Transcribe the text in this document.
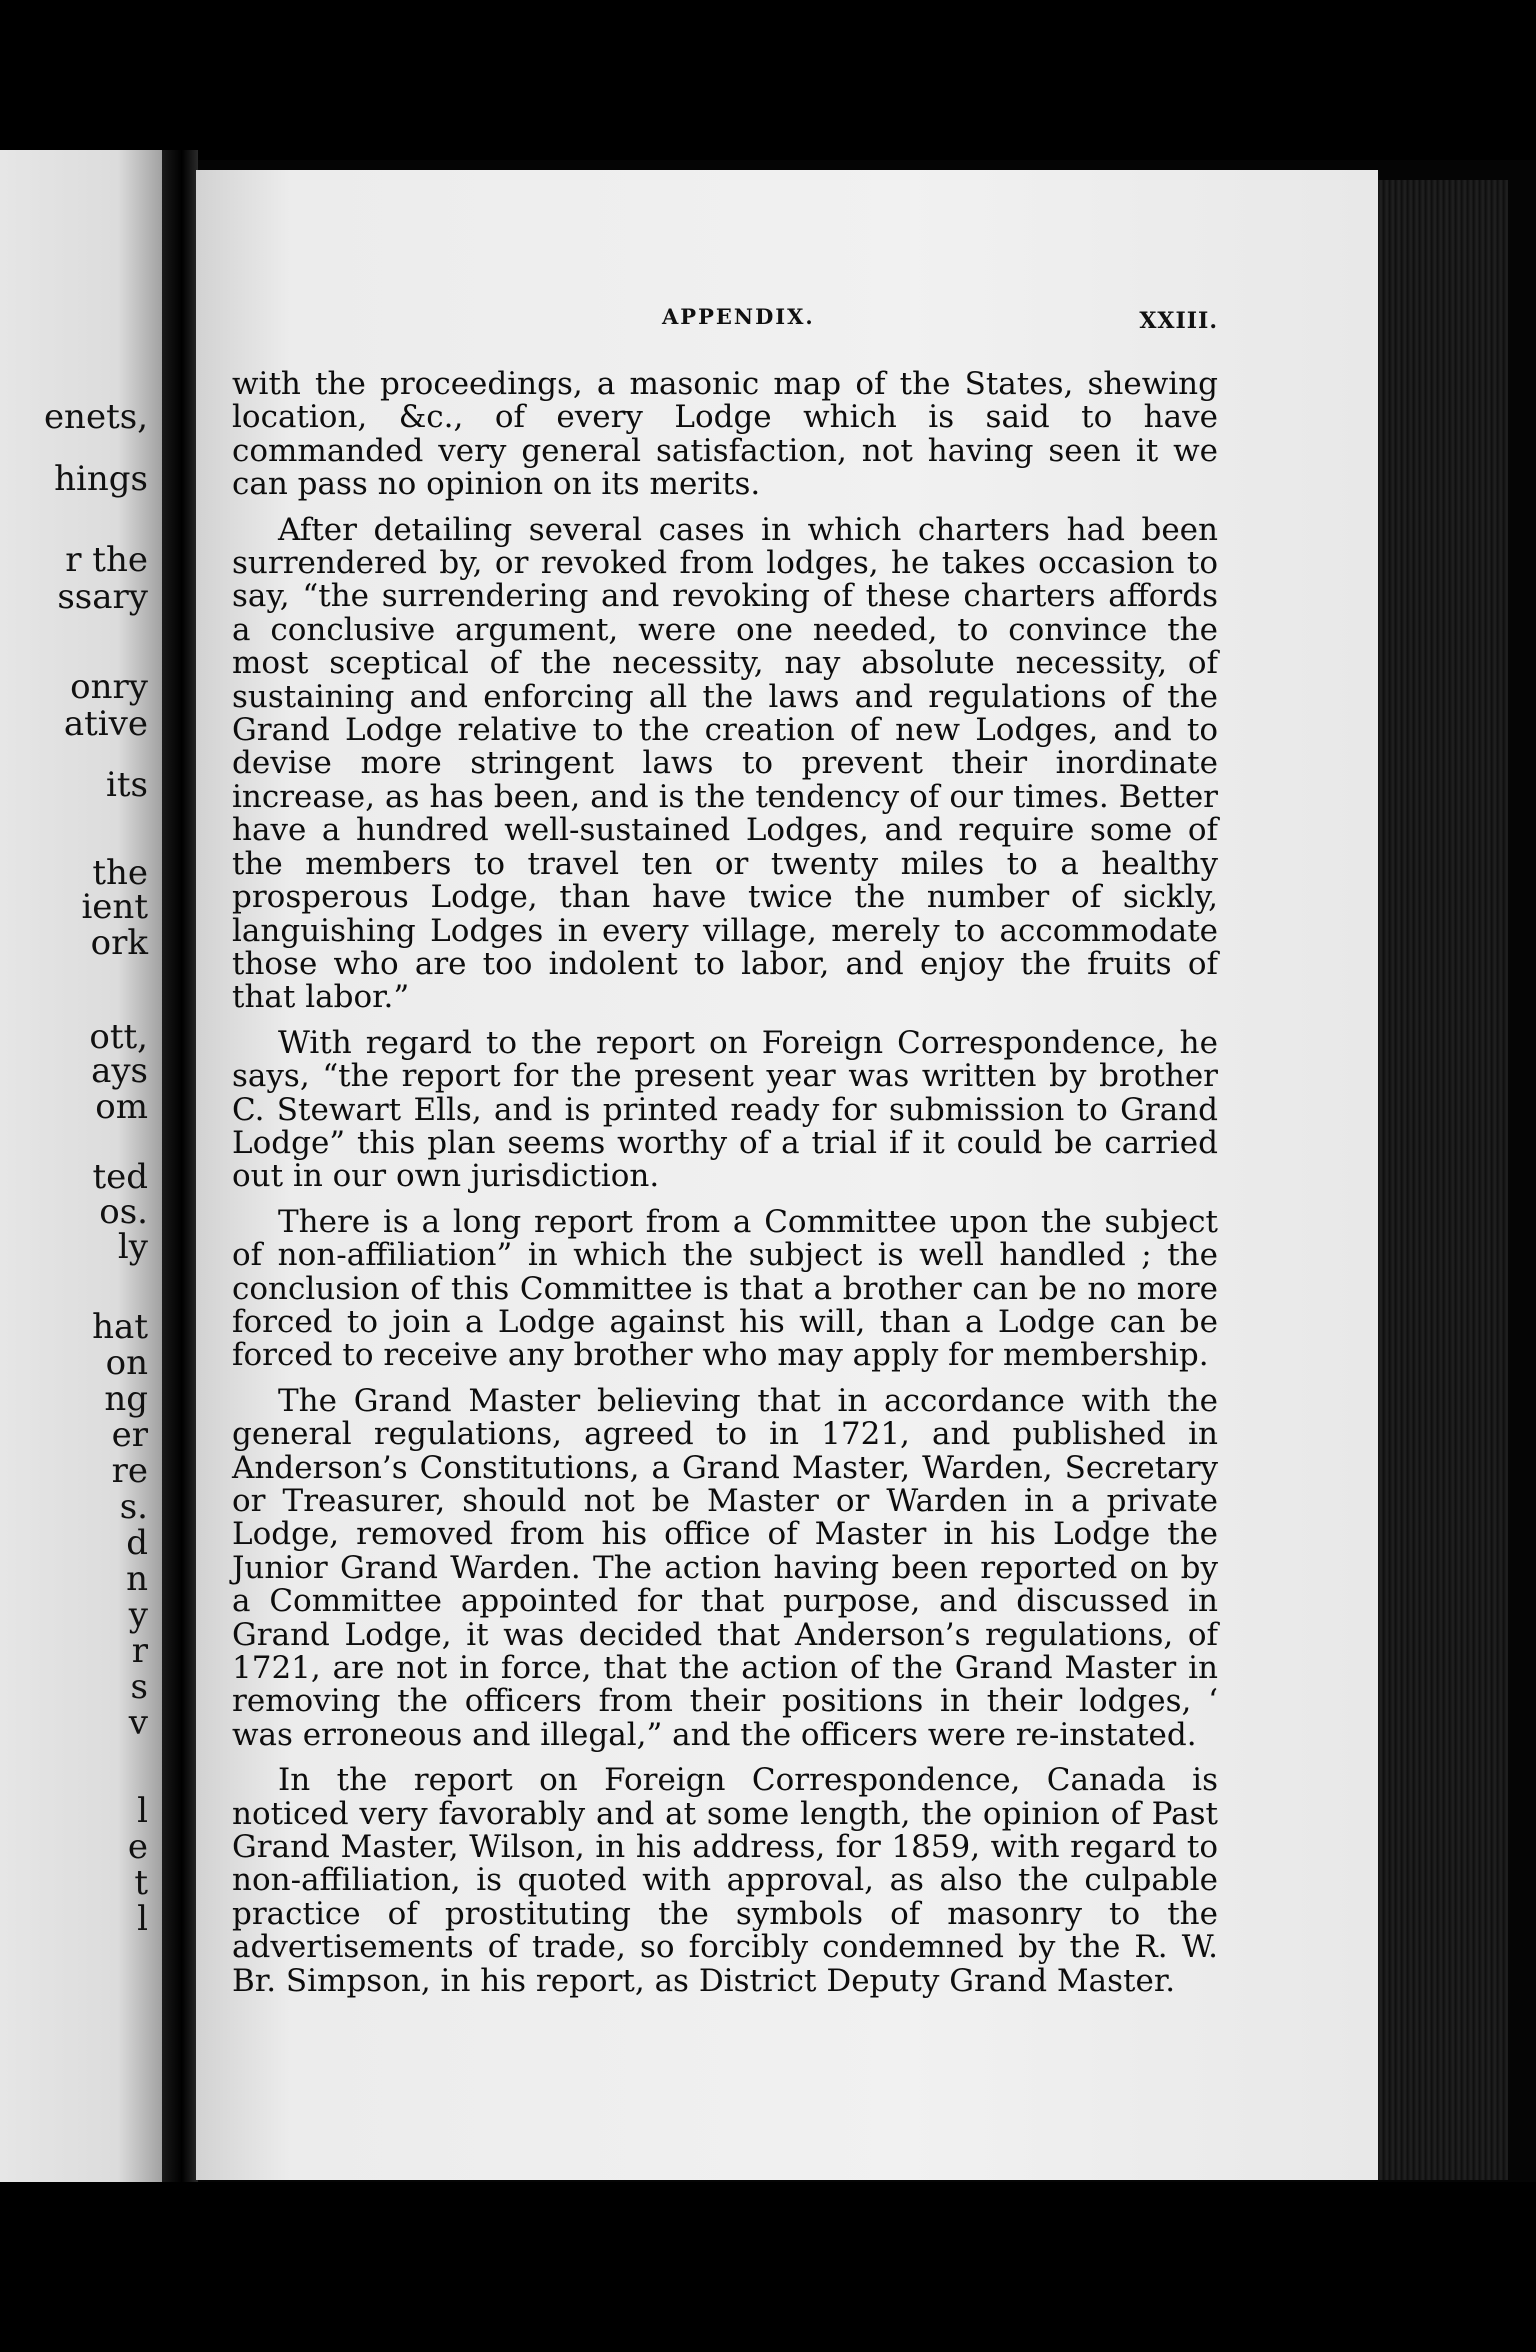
enets,
hings
r the
ssary
onry
ative
its
the
ient
ork
ott,
ays
om
ted
os.
ly
hat
on
ng
er
re
s.
d
n
y
r
s
v
l
e
t
l
APPENDIX.	XXIII.

with the proceedings, a masonic map of the States, shewing location, &c., of every Lodge which is said to have commanded very general satisfaction, not having seen it we can pass no opinion on its merits.

After detailing several cases in which charters had been surrendered by, or revoked from lodges, he takes occasion to say, “the surrendering and revoking of these charters affords a conclusive argument, were one needed, to convince the most sceptical of the necessity, nay absolute necessity, of sustaining and enforcing all the laws and regulations of the Grand Lodge relative to the creation of new Lodges, and to devise more stringent laws to prevent their inordinate increase, as has been, and is the tendency of our times. Better have a hundred well-sustained Lodges, and require some of the members to travel ten or twenty miles to a healthy prosperous Lodge, than have twice the number of sickly, languishing Lodges in every village, merely to accommodate those who are too indolent to labor, and enjoy the fruits of that labor.”

With regard to the report on Foreign Correspondence, he says, “the report for the present year was written by brother C. Stewart Ells, and is printed ready for submission to Grand Lodge” this plan seems worthy of a trial if it could be carried out in our own jurisdiction.

There is a long report from a Committee upon the subject of non-affiliation” in which the subject is well handled ; the conclusion of this Committee is that a brother can be no more forced to join a Lodge against his will, than a Lodge can be forced to receive any brother who may apply for membership.

The Grand Master believing that in accordance with the general regulations, agreed to in 1721, and published in Anderson’s Constitutions, a Grand Master, Warden, Secretary or Treasurer, should not be Master or Warden in a private Lodge, removed from his office of Master in his Lodge the Junior Grand Warden. The action having been reported on by a Committee appointed for that purpose, and discussed in Grand Lodge, it was decided that Anderson’s regulations, of 1721, are not in force, that the action of the Grand Master in removing the officers from their positions in their lodges, ‘ was erroneous and illegal,” and the officers were re-instated.

In the report on Foreign Correspondence, Canada is noticed very favorably and at some length, the opinion of Past Grand Master, Wilson, in his address, for 1859, with regard to non-affiliation, is quoted with approval, as also the culpable practice of prostituting the symbols of masonry to the advertisements of trade, so forcibly condemned by the R. W. Br. Simpson, in his report, as District Deputy Grand Master.
